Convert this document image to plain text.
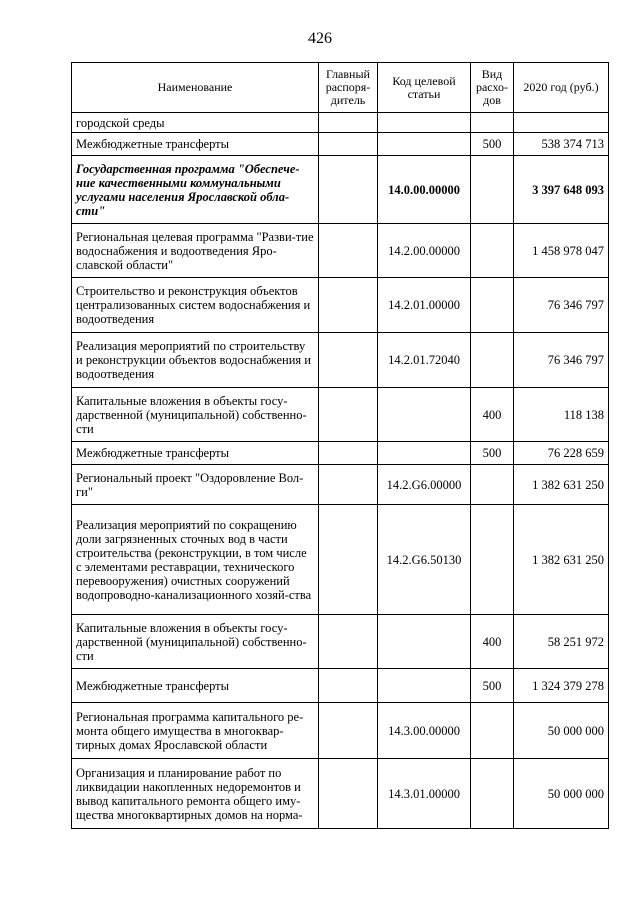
426
Наименование	Главный распоря-дитель	Код целевой статьи	Вид расхо-дов	2020 год (руб.)
городской среды				
Межбюджетные трансферты			500	538 374 713
Государственная программа "Обеспече-ние качественными коммунальными услугами населения Ярославской обла-сти"		14.0.00.00000		3 397 648 093
Региональная целевая программа "Разви-тие водоснабжения и водоотведения Яро-славской области"		14.2.00.00000		1 458 978 047
Строительство и реконструкция объектов централизованных систем водоснабжения и водоотведения		14.2.01.00000		76 346 797
Реализация мероприятий по строительству и реконструкции объектов водоснабжения и водоотведения		14.2.01.72040		76 346 797
Капитальные вложения в объекты госу-дарственной (муниципальной) собственно-сти			400	118 138
Межбюджетные трансферты			500	76 228 659
Региональный проект "Оздоровление Вол-ги"		14.2.G6.00000		1 382 631 250
Реализация мероприятий по сокращению доли загрязненных сточных вод в части строительства (реконструкции, в том числе с элементами реставрации, технического перевооружения) очистных сооружений водопроводно-канализационного хозяй-ства		14.2.G6.50130		1 382 631 250
Капитальные вложения в объекты госу-дарственной (муниципальной) собственно-сти			400	58 251 972
Межбюджетные трансферты			500	1 324 379 278
Региональная программа капитального ре-монта общего имущества в многоквар-тирных домах Ярославской области		14.3.00.00000		50 000 000
Организация и планирование работ по ликвидации накопленных недоремонтов и вывод капитального ремонта общего иму-щества многоквартирных домов на норма-		14.3.01.00000		50 000 000
